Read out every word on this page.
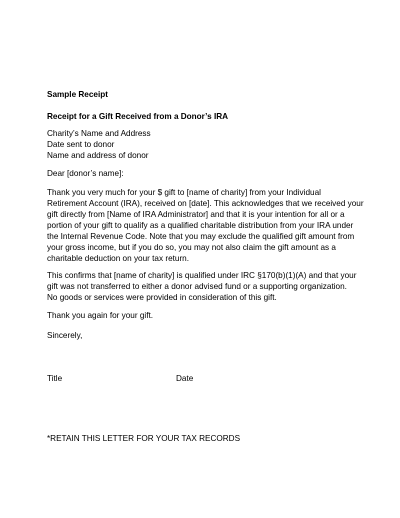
Sample Receipt
Receipt for a Gift Received from a Donor’s IRA
Charity’s Name and Address
Date sent to donor
Name and address of donor
Dear [donor’s name]:
Thank you very much for your $ gift to [name of charity] from your Individual
Retirement Account (IRA), received on [date]. This acknowledges that we received your
gift directly from [Name of IRA Administrator] and that it is your intention for all or a
portion of your gift to qualify as a qualified charitable distribution from your IRA under
the Internal Revenue Code. Note that you may exclude the qualified gift amount from
your gross income, but if you do so, you may not also claim the gift amount as a
charitable deduction on your tax return.
This confirms that [name of charity] is qualified under IRC §170(b)(1)(A) and that your
gift was not transferred to either a donor advised fund or a supporting organization.
No goods or services were provided in consideration of this gift.
Thank you again for your gift.
Sincerely,
Title	Date
*RETAIN THIS LETTER FOR YOUR TAX RECORDS
